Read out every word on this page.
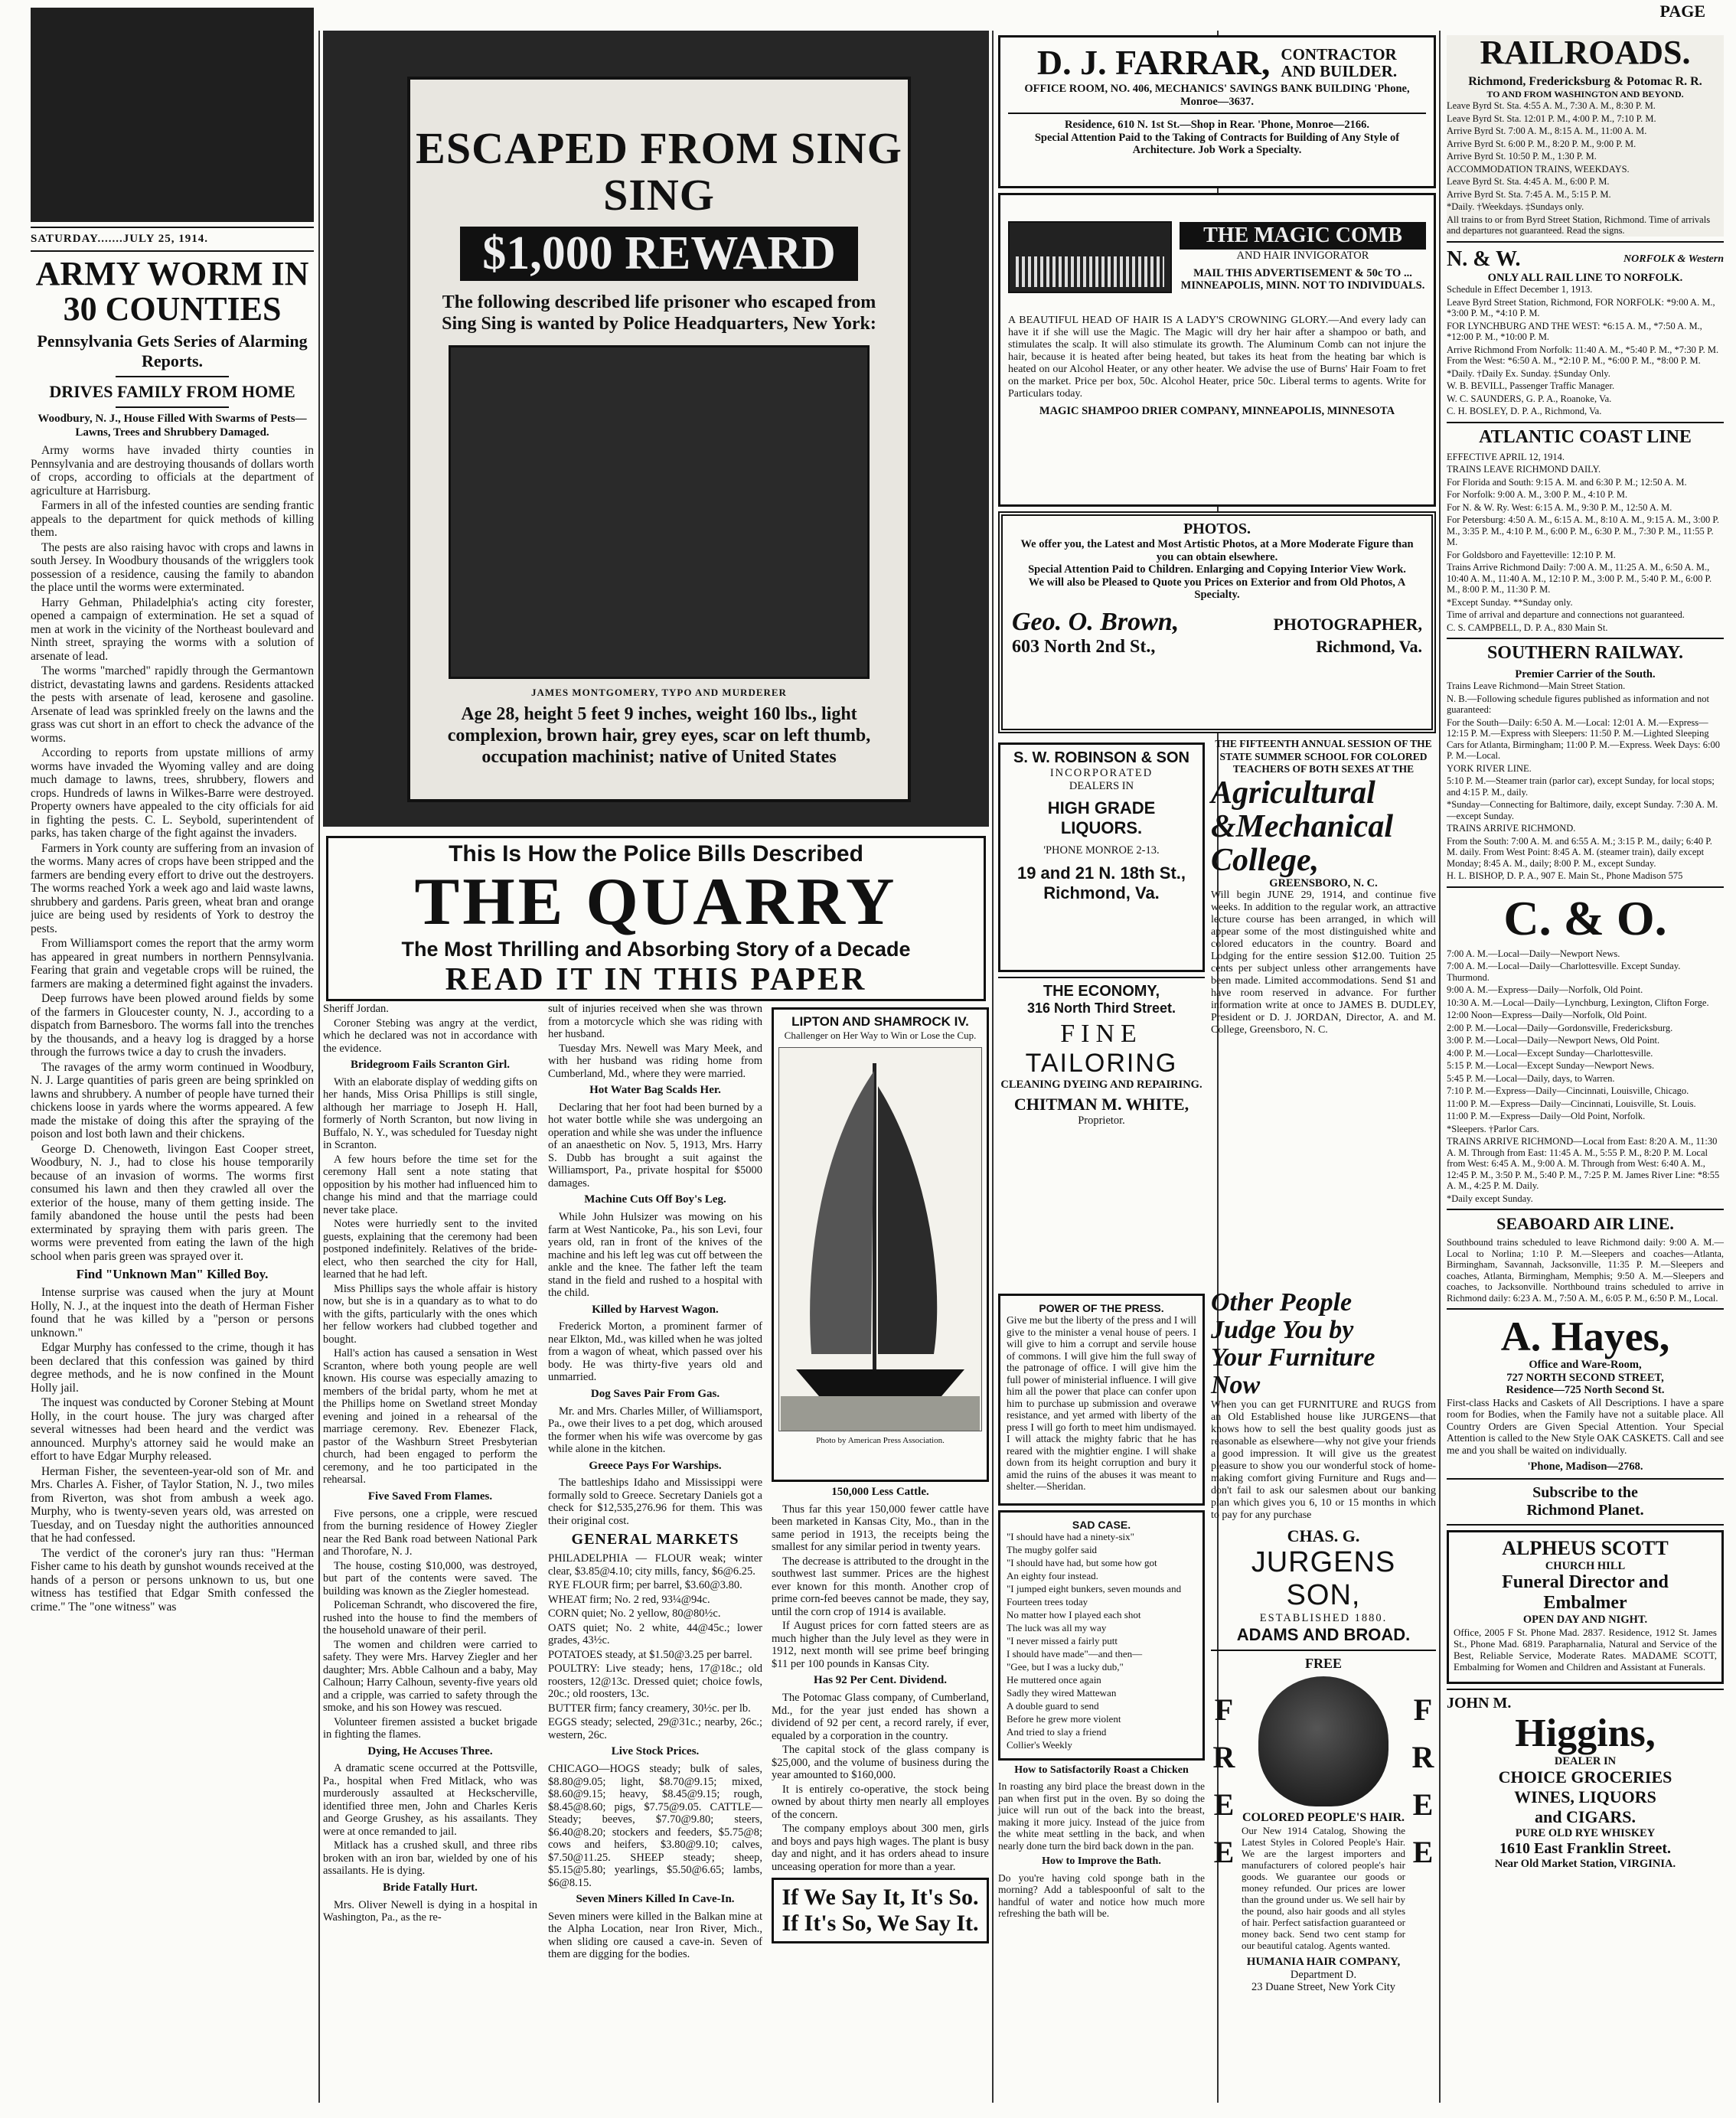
PAGE
SATURDAY.......JULY 25, 1914.
ARMY WORM IN 30 COUNTIES
Pennsylvania Gets Series of Alarming Reports.
DRIVES FAMILY FROM HOME
Woodbury, N. J., House Filled With Swarms of Pests—Lawns, Trees and Shrubbery Damaged.

Army worms have invaded thirty counties in Pennsylvania and are destroying thousands of dollars worth of crops, according to officials at the department of agriculture at Harrisburg.

Farmers in all of the infested counties are sending frantic appeals to the department for quick methods of killing them.

The pests are also raising havoc with crops and lawns in south Jersey. In Woodbury thousands of the wrigglers took possession of a residence, causing the family to abandon the place until the worms were exterminated.

Harry Gehman, Philadelphia's acting city forester, opened a campaign of extermination. He set a squad of men at work in the vicinity of the Northeast boulevard and Ninth street, spraying the worms with a solution of arsenate of lead.

The worms "marched" rapidly through the Germantown district, devastating lawns and gardens. Residents attacked the pests with arsenate of lead, kerosene and gasoline. Arsenate of lead was sprinkled freely on the lawns and the grass was cut short in an effort to check the advance of the worms.

According to reports from upstate millions of army worms have invaded the Wyoming valley and are doing much damage to lawns, trees, shrubbery, flowers and crops. Hundreds of lawns in Wilkes-Barre were destroyed. Property owners have appealed to the city officials for aid in fighting the pests. C. L. Seybold, superintendent of parks, has taken charge of the fight against the invaders.

Farmers in York county are suffering from an invasion of the worms. Many acres of crops have been stripped and the farmers are bending every effort to drive out the destroyers. The worms reached York a week ago and laid waste lawns, shrubbery and gardens. Paris green, wheat bran and orange juice are being used by residents of York to destroy the pests.

From Williamsport comes the report that the army worm has appeared in great numbers in northern Pennsylvania. Fearing that grain and vegetable crops will be ruined, the farmers are making a determined fight against the invaders.

Deep furrows have been plowed around fields by some of the farmers in Gloucester county, N. J., according to a dispatch from Barnesboro. The worms fall into the trenches by the thousands, and a heavy log is dragged by a horse through the furrows twice a day to crush the invaders.

The ravages of the army worm continued in Woodbury, N. J. Large quantities of paris green are being sprinkled on lawns and shrubbery. A number of people have turned their chickens loose in yards where the worms appeared. A few made the mistake of doing this after the spraying of the poison and lost both lawn and their chickens.

George D. Chenoweth, livingon East Cooper street, Woodbury, N. J., had to close his house temporarily because of an invasion of worms. The worms first consumed his lawn and then they crawled all over the exterior of the house, many of them getting inside. The family abandoned the house until the pests had been exterminated by spraying them with paris green. The worms were prevented from eating the lawn of the high school when paris green was sprayed over it.

Find "Unknown Man" Killed Boy.

Intense surprise was caused when the jury at Mount Holly, N. J., at the inquest into the death of Herman Fisher found that he was killed by a "person or persons unknown."

Edgar Murphy has confessed to the crime, though it has been declared that this confession was gained by third degree methods, and he is now confined in the Mount Holly jail.

The inquest was conducted by Coroner Stebing at Mount Holly, in the court house. The jury was charged after several witnesses had been heard and the verdict was announced. Murphy's attorney said he would make an effort to have Edgar Murphy released.

Herman Fisher, the seventeen-year-old son of Mr. and Mrs. Charles A. Fisher, of Taylor Station, N. J., two miles from Riverton, was shot from ambush a week ago. Murphy, who is twenty-seven years old, was arrested on Tuesday, and on Tuesday night the authorities announced that he had confessed.

The verdict of the coroner's jury ran thus: "Herman Fisher came to his death by gunshot wounds received at the hands of a person or persons unknown to us, but one witness has testified that Edgar Smith confessed the crime." The "one witness" was

ESCAPED FROM SING SING
$1,000 REWARD
The following described life prisoner who escaped from Sing Sing is wanted by Police Headquarters, New York:
JAMES MONTGOMERY, TYPO AND MURDERER
Age 28, height 5 feet 9 inches, weight 160 lbs., light complexion, brown hair, grey eyes, scar on left thumb, occupation machinist; native of United States
This Is How the Police Bills Described
THE QUARRY
The Most Thrilling and Absorbing Story of a Decade
READ IT IN THIS PAPER

Sheriff Jordan.

Coroner Stebing was angry at the verdict, which he declared was not in accordance with the evidence.

Bridegroom Fails Scranton Girl.

With an elaborate display of wedding gifts on her hands, Miss Orisa Phillips is still single, although her marriage to Joseph H. Hall, formerly of North Scranton, but now living in Buffalo, N. Y., was scheduled for Tuesday night in Scranton.

A few hours before the time set for the ceremony Hall sent a note stating that opposition by his mother had influenced him to change his mind and that the marriage could never take place.

Notes were hurriedly sent to the invited guests, explaining that the ceremony had been postponed indefinitely. Relatives of the bride-elect, who then searched the city for Hall, learned that he had left.

Miss Phillips says the whole affair is history now, but she is in a quandary as to what to do with the gifts, particularly with the ones which her fellow workers had clubbed together and bought.

Hall's action has caused a sensation in West Scranton, where both young people are well known. His course was especially amazing to members of the bridal party, whom he met at the Phillips home on Swetland street Monday evening and joined in a rehearsal of the marriage ceremony. Rev. Ebenezer Flack, pastor of the Washburn Street Presbyterian church, had been engaged to perform the ceremony, and he too participated in the rehearsal.

Five Saved From Flames.

Five persons, one a cripple, were rescued from the burning residence of Howey Ziegler near the Red Bank road between National Park and Thorofare, N. J.

The house, costing $10,000, was destroyed, but part of the contents were saved. The building was known as the Ziegler homestead.

Policeman Schrandt, who discovered the fire, rushed into the house to find the members of the household unaware of their peril.

The women and children were carried to safety. They were Mrs. Harvey Ziegler and her daughter; Mrs. Abble Calhoun and a baby, May Calhoun; Harry Calhoun, seventy-five years old and a cripple, was carried to safety through the smoke, and his son Howey was rescued.

Volunteer firemen assisted a bucket brigade in fighting the flames.

Dying, He Accuses Three.

A dramatic scene occurred at the Pottsville, Pa., hospital when Fred Mitlack, who was murderously assaulted at Heckscherville, identified three men, John and Charles Keris and George Grushey, as his assailants. They were at once remanded to jail.

Mitlack has a crushed skull, and three ribs broken with an iron bar, wielded by one of his assailants. He is dying.

Bride Fatally Hurt.

Mrs. Oliver Newell is dying in a hospital in Washington, Pa., as the re-

sult of injuries received when she was thrown from a motorcycle which she was riding with her husband.

Tuesday Mrs. Newell was Mary Meek, and with her husband was riding home from Cumberland, Md., where they were married.

Hot Water Bag Scalds Her.

Declaring that her foot had been burned by a hot water bottle while she was undergoing an operation and while she was under the influence of an anaesthetic on Nov. 5, 1913, Mrs. Harry S. Dubb has brought a suit against the Williamsport, Pa., private hospital for $5000 damages.

Machine Cuts Off Boy's Leg.

While John Hulsizer was mowing on his farm at West Nanticoke, Pa., his son Levi, four years old, ran in front of the knives of the machine and his left leg was cut off between the ankle and the knee. The father left the team stand in the field and rushed to a hospital with the child.

Killed by Harvest Wagon.

Frederick Morton, a prominent farmer of near Elkton, Md., was killed when he was jolted from a wagon of wheat, which passed over his body. He was thirty-five years old and unmarried.

Dog Saves Pair From Gas.

Mr. and Mrs. Charles Miller, of Williamsport, Pa., owe their lives to a pet dog, which aroused the former when his wife was overcome by gas while alone in the kitchen.

Greece Pays For Warships.

The battleships Idaho and Mississippi were formally sold to Greece. Secretary Daniels got a check for $12,535,276.96 for them. This was their original cost.

GENERAL MARKETS
PHILADELPHIA — FLOUR weak; winter clear, $3.85@4.10; city mills, fancy, $6@6.25.
RYE FLOUR firm; per barrel, $3.60@3.80.
WHEAT firm; No. 2 red, 93¼@94c.
CORN quiet; No. 2 yellow, 80@80½c.
OATS quiet; No. 2 white, 44@45c.; lower grades, 43½c.
POTATOES steady, at $1.50@3.25 per barrel.
POULTRY: Live steady; hens, 17@18c.; old roosters, 12@13c. Dressed quiet; choice fowls, 20c.; old roosters, 13c.
BUTTER firm; fancy creamery, 30½c. per lb.
EGGS steady; selected, 29@31c.; nearby, 26c.; western, 26c.
Live Stock Prices.
CHICAGO—HOGS steady; bulk of sales, $8.80@9.05; light, $8.70@9.15; mixed, $8.60@9.15; heavy, $8.45@9.15; rough, $8.45@8.60; pigs, $7.75@9.05. CATTLE—Steady; beeves, $7.70@9.80; steers, $6.40@8.20; stockers and feeders, $5.75@8; cows and heifers, $3.80@9.10; calves, $7.50@11.25. SHEEP steady; sheep, $5.15@5.80; yearlings, $5.50@6.65; lambs, $6@8.15.
Seven Miners Killed In Cave-In.
Seven miners were killed in the Balkan mine at the Alpha Location, near Iron River, Mich., when sliding ore caused a cave-in. Seven of them are digging for the bodies.
LIPTON AND SHAMROCK IV.
Challenger on Her Way to Win or Lose the Cup.
Photo by American Press Association.
150,000 Less Cattle.

Thus far this year 150,000 fewer cattle have been marketed in Kansas City, Mo., than in the same period in 1913, the receipts being the smallest for any similar period in twenty years.

The decrease is attributed to the drought in the southwest last summer. Prices are the highest ever known for this month. Another crop of prime corn-fed beeves cannot be made, they say, until the corn crop of 1914 is available.

If August prices for corn fatted steers are as much higher than the July level as they were in 1912, next month will see prime beef bringing $11 per 100 pounds in Kansas City.

Has 92 Per Cent. Dividend.

The Potomac Glass company, of Cumberland, Md., for the year just ended has shown a dividend of 92 per cent, a record rarely, if ever, equaled by a corporation in the country.

The capital stock of the glass company is $25,000, and the volume of business during the year amounted to $160,000.

It is entirely co-operative, the stock being owned by about thirty men nearly all employes of the concern.

The company employs about 300 men, girls and boys and pays high wages. The plant is busy day and night, and it has orders ahead to insure unceasing operation for more than a year.

If We Say It, It's So. If It's So, We Say It.
D. J. FARRAR, CONTRACTOR
AND BUILDER.
OFFICE ROOM, NO. 406, MECHANICS' SAVINGS BANK BUILDING 'Phone, Monroe—3637.
Residence, 610 N. 1st St.—Shop in Rear. 'Phone, Monroe—2166.
Special Attention Paid to the Taking of Contracts for Building of Any Style of Architecture. Job Work a Specialty.
THE MAGIC COMB
AND HAIR INVIGORATOR
MAIL THIS ADVERTISEMENT & 50c TO ... MINNEAPOLIS, MINN. NOT TO INDIVIDUALS.
A BEAUTIFUL HEAD OF HAIR IS A LADY'S CROWNING GLORY.—And every lady can have it if she will use the Magic. The Magic will dry her hair after a shampoo or bath, and stimulates the scalp. It will also stimulate its growth. The Aluminum Comb can not injure the hair, because it is heated after being heated, but takes its heat from the heating bar which is heated on our Alcohol Heater, or any other heater. We advise the use of Burns' Hair Foam to fret on the market. Price per box, 50c. Alcohol Heater, price 50c. Liberal terms to agents. Write for Particulars today.
MAGIC SHAMPOO DRIER COMPANY, MINNEAPOLIS, MINNESOTA
PHOTOS.
We offer you, the Latest and Most Artistic Photos, at a More Moderate Figure than you can obtain elsewhere.
Special Attention Paid to Children. Enlarging and Copying Interior View Work.
We will also be Pleased to Quote you Prices on Exterior and from Old Photos, A Specialty.
Geo. O. Brown,	PHOTOGRAPHER,
603 North 2nd St.,	Richmond, Va.
S. W. ROBINSON & SON
INCORPORATED
DEALERS IN
HIGH GRADE LIQUORS.
'PHONE MONROE 2-13.
19 and 21 N. 18th St.,
Richmond, Va.
THE ECONOMY,
316 North Third Street.
FINE
TAILORING
CLEANING DYEING AND REPAIRING.
CHITMAN M. WHITE,
Proprietor.
THE FIFTEENTH ANNUAL SESSION OF THE STATE SUMMER SCHOOL FOR COLORED TEACHERS OF BOTH SEXES AT THE
Agricultural
&Mechanical
College,
GREENSBORO, N. C.
Will begin JUNE 29, 1914, and continue five weeks. In addition to the regular work, an attractive lecture course has been arranged, in which will appear some of the most distinguished white and colored educators in the country. Board and Lodging for the entire session $12.00. Tuition 25 cents per subject unless other arrangements have been made. Limited accommodations. Send $1 and have room reserved in advance. For further information write at once to JAMES B. DUDLEY, President or D. J. JORDAN, Director, A. and M. College, Greensboro, N. C.
POWER OF THE PRESS.
Give me but the liberty of the press and I will give to the minister a venal house of peers. I will give to him a corrupt and servile house of commons. I will give him the full sway of the patronage of office. I will give him the full power of ministerial influence. I will give him all the power that place can confer upon him to purchase up submission and overawe resistance, and yet armed with liberty of the press I will go forth to meet him undismayed. I will attack the mighty fabric that he has reared with the mightier engine. I will shake down from its height corruption and bury it amid the ruins of the abuses it was meant to shelter.—Sheridan.
SAD CASE.
"I should have had a ninety-six"
The mugby golfer said
"I should have had, but some how got
An eighty four instead.
"I jumped eight bunkers, seven mounds and
Fourteen trees today
No matter how I played each shot
The luck was all my way
"I never missed a fairly putt
I should have made"—and then—
"Gee, but I was a lucky dub,"
He muttered once again
Sadly they wired Mattewan
A double guard to send
Before he grew more violent
And tried to slay a friend
Collier's Weekly
How to Satisfactorily Roast a Chicken
In roasting any bird place the breast down in the pan when first put in the oven. By so doing the juice will run out of the back into the breast, making it more juicy. Instead of the juice from the white meat settling in the back, and when nearly done turn the bird back down in the pan.
How to Improve the Bath.
Do you're having cold sponge bath in the morning? Add a tablespoonful of salt to the handful of water and notice how much more refreshing the bath will be.
Other People
Judge You by
Your Furniture
Now
When you can get FURNITURE and RUGS from an Old Established house like JURGENS—that knows how to sell the best quality goods just as reasonable as elsewhere—why not give your friends a good impression. It will give us the greatest pleasure to show you our wonderful stock of home-making comfort giving Furniture and Rugs and—don't fail to ask our salesmen about our banking plan which gives you 6, 10 or 15 months in which to pay for any purchase
CHAS. G.
JURGENS SON,
ESTABLISHED 1880.
ADAMS AND BROAD.
FREE
FREE
FREE
COLORED PEOPLE'S HAIR.
Our New 1914 Catalog, Showing the Latest Styles in Colored People's Hair. We are the largest importers and manufacturers of colored people's hair goods. We guarantee our goods or money refunded. Our prices are lower than the ground under us. We sell hair by the pound, also hair goods and all styles of hair. Perfect satisfaction guaranteed or money back. Send two cent stamp for our beautiful catalog. Agents wanted.
HUMANIA HAIR COMPANY,
Department D.
23 Duane Street, New York City
RAILROADS.
Richmond, Fredericksburg & Potomac R. R.
TO AND FROM WASHINGTON AND BEYOND.
Leave Byrd St. Sta. 4:55 A. M., 7:30 A. M., 8:30 P. M.
Leave Byrd St. Sta. 12:01 P. M., 4:00 P. M., 7:10 P. M.
Arrive Byrd St. 7:00 A. M., 8:15 A. M., 11:00 A. M.
Arrive Byrd St. 6:00 P. M., 8:20 P. M., 9:00 P. M.
Arrive Byrd St. 10:50 P. M., 1:30 P. M.
ACCOMMODATION TRAINS, WEEKDAYS.
Leave Byrd St. Sta. 4:45 A. M., 6:00 P. M.
Arrive Byrd St. Sta. 7:45 A. M., 5:15 P. M.
*Daily. †Weekdays. ‡Sundays only.
All trains to or from Byrd Street Station, Richmond. Time of arrivals and departures not guaranteed. Read the signs.
N. & W.	NORFOLK & Western
ONLY ALL RAIL LINE TO NORFOLK.
Schedule in Effect December 1, 1913.
Leave Byrd Street Station, Richmond, FOR NORFOLK: *9:00 A. M., *3:00 P. M., *4:10 P. M.
FOR LYNCHBURG AND THE WEST: *6:15 A. M., *7:50 A. M., *12:00 P. M., *10:00 P. M.
Arrive Richmond From Norfolk: 11:40 A. M., *5:40 P. M., *7:30 P. M. From the West: *6:50 A. M., *2:10 P. M., *6:00 P. M., *8:00 P. M.
*Daily. †Daily Ex. Sunday. ‡Sunday Only.
W. B. BEVILL, Passenger Traffic Manager.
W. C. SAUNDERS, G. P. A., Roanoke, Va.
C. H. BOSLEY, D. P. A., Richmond, Va.
ATLANTIC COAST LINE
EFFECTIVE APRIL 12, 1914.
TRAINS LEAVE RICHMOND DAILY.
For Florida and South: 9:15 A. M. and 6:30 P. M.; 12:50 A. M.
For Norfolk: 9:00 A. M., 3:00 P. M., 4:10 P. M.
For N. & W. Ry. West: 6:15 A. M., 9:30 P. M., 12:50 A. M.
For Petersburg: 4:50 A. M., 6:15 A. M., 8:10 A. M., 9:15 A. M., 3:00 P. M., 3:35 P. M., 4:10 P. M., 6:00 P. M., 6:30 P. M., 7:30 P. M., 11:55 P. M.
For Goldsboro and Fayetteville: 12:10 P. M.
Trains Arrive Richmond Daily: 7:00 A. M., 11:25 A. M., 6:50 A. M., 10:40 A. M., 11:40 A. M., 12:10 P. M., 3:00 P. M., 5:40 P. M., 6:00 P. M., 8:00 P. M., 11:30 P. M.
*Except Sunday. **Sunday only.
Time of arrival and departure and connections not guaranteed.
C. S. CAMPBELL, D. P. A., 830 Main St.
SOUTHERN RAILWAY.
Premier Carrier of the South.
Trains Leave Richmond—Main Street Station.
N. B.—Following schedule figures published as information and not guaranteed:
For the South—Daily: 6:50 A. M.—Local: 12:01 A. M.—Express—12:15 P. M.—Express with Sleepers: 11:50 P. M.—Lighted Sleeping Cars for Atlanta, Birmingham; 11:00 P. M.—Express. Week Days: 6:00 P. M.—Local.
YORK RIVER LINE.
5:10 P. M.—Steamer train (parlor car), except Sunday, for local stops; and 4:15 P. M., daily.
*Sunday—Connecting for Baltimore, daily, except Sunday. 7:30 A. M.—except Sunday.
TRAINS ARRIVE RICHMOND.
From the South: 7:00 A. M. and 6:55 A. M.; 3:15 P. M., daily; 6:40 P. M. daily. From West Point: 8:45 A. M. (steamer train), daily except Monday; 8:45 A. M., daily; 8:00 P. M., except Sunday.
H. L. BISHOP, D. P. A., 907 E. Main St., Phone Madison 575
C. & O.
7:00 A. M.—Local—Daily—Newport News.
7:00 A. M.—Local—Daily—Charlottesville. Except Sunday. Thurmond.
9:00 A. M.—Express—Daily—Norfolk, Old Point.
10:30 A. M.—Local—Daily—Lynchburg, Lexington, Clifton Forge.
12:00 Noon—Express—Daily—Norfolk, Old Point.
2:00 P. M.—Local—Daily—Gordonsville, Fredericksburg.
3:00 P. M.—Local—Daily—Newport News, Old Point.
4:00 P. M.—Local—Except Sunday—Charlottesville.
5:15 P. M.—Local—Except Sunday—Newport News.
5:45 P. M.—Local—Daily, days, to Warren.
7:10 P. M.—Express—Daily—Cincinnati, Louisville, Chicago.
11:00 P. M.—Express—Daily—Cincinnati, Louisville, St. Louis.
11:00 P. M.—Express—Daily—Old Point, Norfolk.
*Sleepers. †Parlor Cars.
TRAINS ARRIVE RICHMOND—Local from East: 8:20 A. M., 11:30 A. M. Through from East: 11:45 A. M., 5:55 P. M., 8:20 P. M. Local from West: 6:45 A. M., 9:00 A. M. Through from West: 6:40 A. M., 12:45 P. M., 3:50 P. M., 5:40 P. M., 7:25 P. M. James River Line: *8:55 A. M., 4:25 P. M. Daily.
*Daily except Sunday.
SEABOARD AIR LINE.
Southbound trains scheduled to leave Richmond daily: 9:00 A. M.—Local to Norlina; 1:10 P. M.—Sleepers and coaches—Atlanta, Birmingham, Savannah, Jacksonville, 11:35 P. M.—Sleepers and coaches, Atlanta, Birmingham, Memphis; 9:50 A. M.—Sleepers and coaches, to Jacksonville. Northbound trains scheduled to arrive in Richmond daily: 6:23 A. M., 7:50 A. M., 6:05 P. M., 6:50 P. M., Local.
A. Hayes,
Office and Ware-Room,
727 NORTH SECOND STREET,
Residence—725 North Second St.
First-class Hacks and Caskets of All Descriptions. I have a spare room for Bodies, when the Family have not a suitable place. All Country Orders are Given Special Attention. Your Special Attention is called to the New Style OAK CASKETS. Call and see me and you shall be waited on individually.
'Phone, Madison—2768.
Subscribe to the
Richmond Planet.
ALPHEUS SCOTT
CHURCH HILL
Funeral Director and
Embalmer
OPEN DAY AND NIGHT.
Office, 2005 F St. Phone Mad. 2837. Residence, 1912 St. James St., Phone Mad. 6819. Parapharnalia, Natural and Service of the Best, Reliable Service, Moderate Rates. MADAME SCOTT, Embalming for Women and Children and Assistant at Funerals.
JOHN M.
Higgins,
DEALER IN
CHOICE GROCERIES
WINES, LIQUORS
and CIGARS.
PURE OLD RYE WHISKEY
1610 East Franklin Street.
Near Old Market Station, VIRGINIA.
